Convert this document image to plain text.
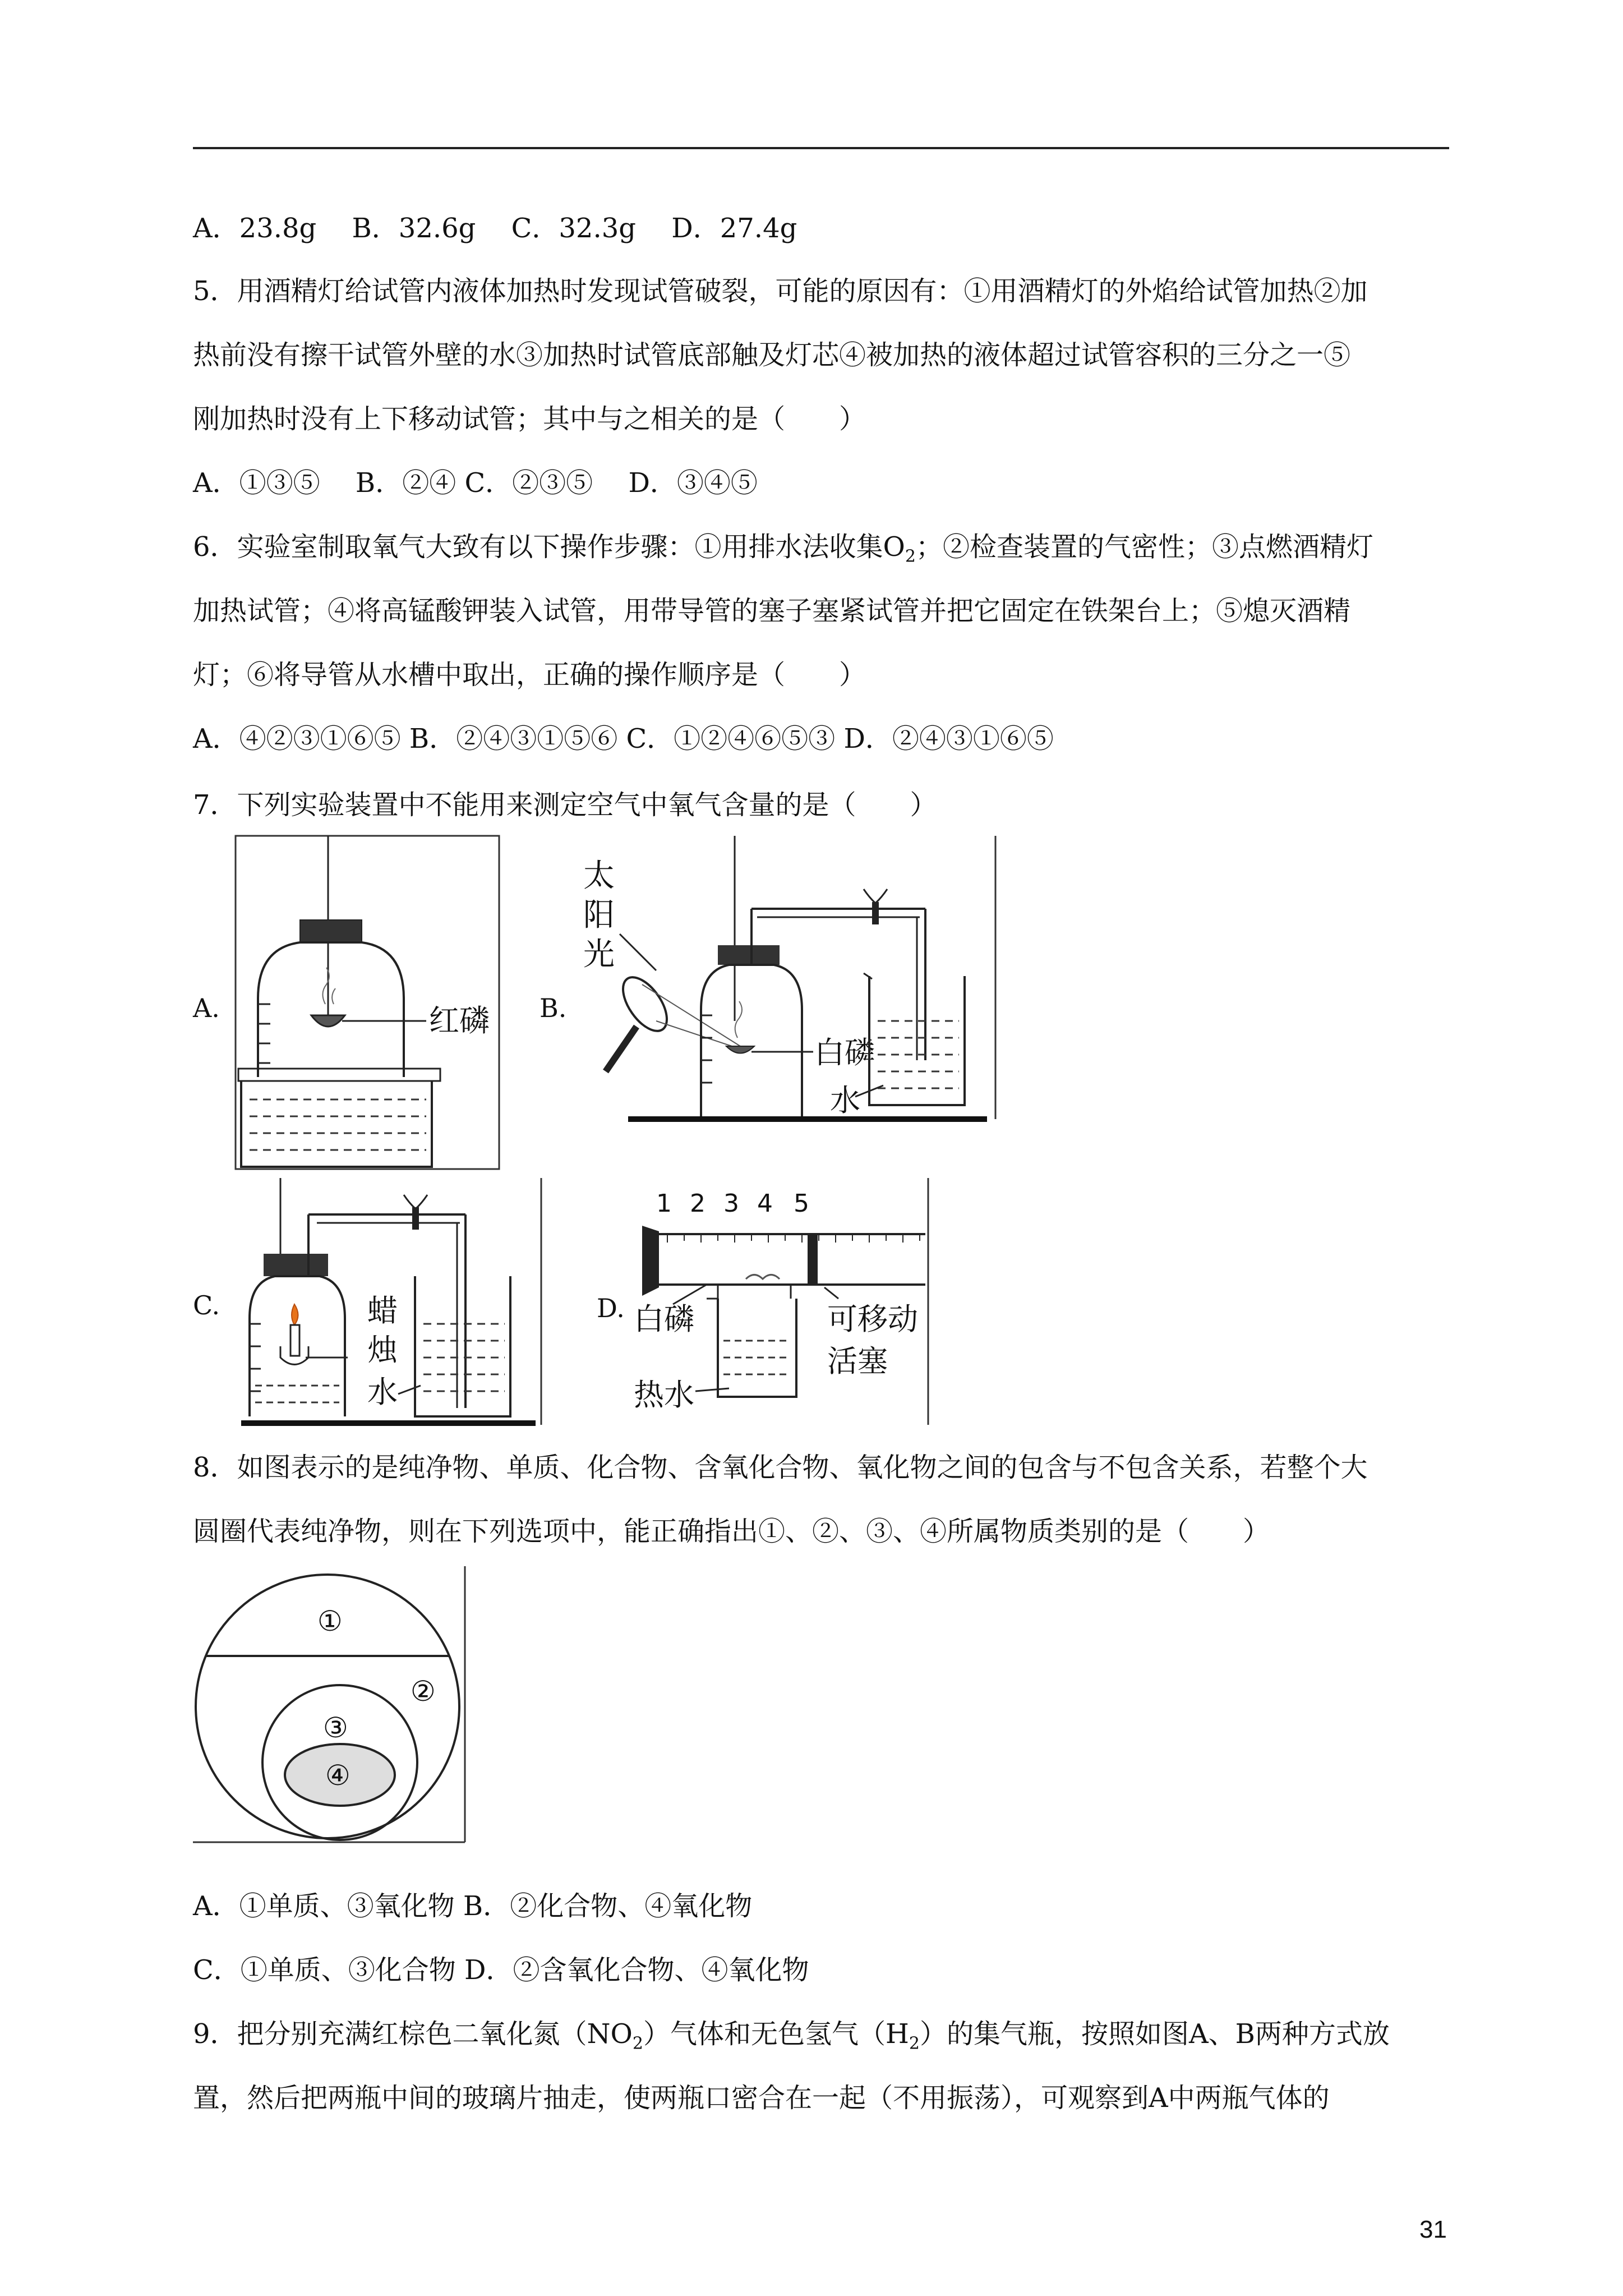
A．23.8g　 B．32.6g　 C．32.3g　 D．27.4g
5．用酒精灯给试管内液体加热时发现试管破裂，可能的原因有：①用酒精灯的外焰给试管加热②加
热前没有擦干试管外壁的水③加热时试管底部触及灯芯④被加热的液体超过试管容积的三分之一⑤
刚加热时没有上下移动试管；其中与之相关的是（　　）
A．①③⑤　 B．②④ C．②③⑤　 D．③④⑤
6．实验室制取氧气大致有以下操作步骤：①用排水法收集$O_2$；②检查装置的气密性；③点燃酒精灯
加热试管；④将高锰酸钾装入试管，用带导管的塞子塞紧试管并把它固定在铁架台上；⑤熄灭酒精
灯；⑥将导管从水槽中取出，正确的操作顺序是（　　）
A．④②③①⑥⑤ B．②④③①⑤⑥ C．①②④⑥⑤③ D．②④③①⑥⑤
7．下列实验装置中不能用来测定空气中氧气含量的是（　　）
A.	红磷 B.
太
阳
光
白磷
水
C.	蜡
烛
水
D.
1 2 3 4 5
白磷
热水
可移动
活塞
8．如图表示的是纯净物、单质、化合物、含氧化合物、氧化物之间的包含与不包含关系，若整个大
圆圈代表纯净物，则在下列选项中，能正确指出①、②、③、④所属物质类别的是（　　）
①
②
③
④
A．①单质、③氧化物 B．②化合物、④氧化物
C．①单质、③化合物 D．②含氧化合物、④氧化物
9．把分别充满红棕色二氧化氮$(NO_2)$气体和无色氢气$(H_2)$的集气瓶，按照如图A、B两种方式放
置，然后把两瓶中间的玻璃片抽走，使两瓶口密合在一起（不用振荡），可观察到A中两瓶气体的
31
